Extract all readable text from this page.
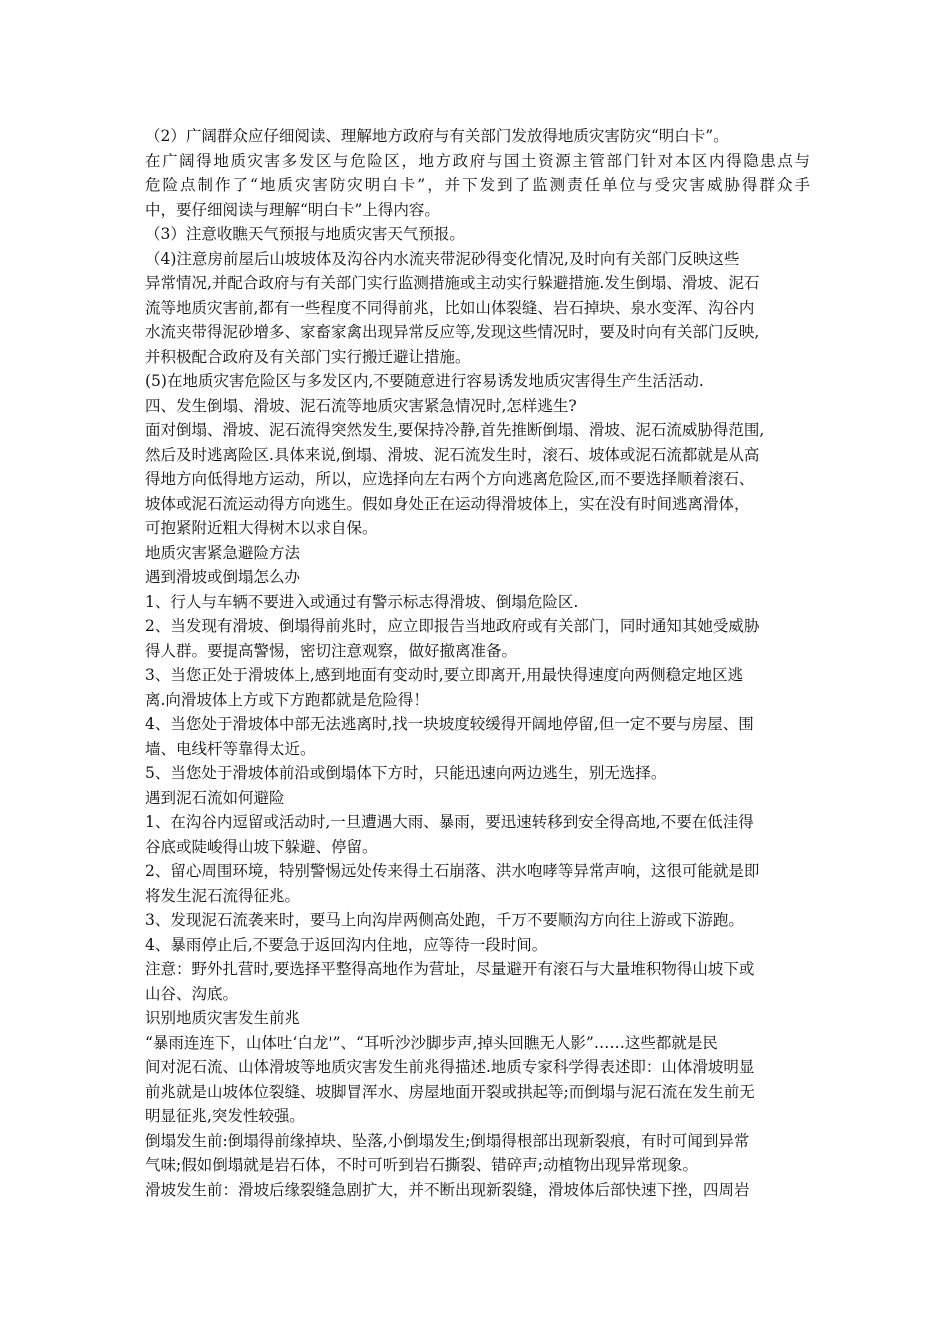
（2）广阔群众应仔细阅读、理解地方政府与有关部门发放得地质灾害防灾“明白卡”。
在广阔得地质灾害多发区与危险区，地方政府与国土资源主管部门针对本区内得隐患点与
危险点制作了“地质灾害防灾明白卡”，并下发到了监测责任单位与受灾害威胁得群众手
中，要仔细阅读与理解“明白卡”上得内容。
（3）注意收瞧天气预报与地质灾害天气预报。
（4)注意房前屋后山坡坡体及沟谷内水流夹带泥砂得变化情况,及时向有关部门反映这些
异常情况,并配合政府与有关部门实行监测措施或主动实行躲避措施.发生倒塌、滑坡、泥石
流等地质灾害前,都有一些程度不同得前兆，比如山体裂缝、岩石掉块、泉水变浑、沟谷内
水流夹带得泥砂增多、家畜家禽出现异常反应等,发现这些情况时，要及时向有关部门反映,
并积极配合政府及有关部门实行搬迁避让措施。
(5)在地质灾害危险区与多发区内,不要随意进行容易诱发地质灾害得生产生活活动.
四、发生倒塌、滑坡、泥石流等地质灾害紧急情况时,怎样逃生?
面对倒塌、滑坡、泥石流得突然发生,要保持冷静,首先推断倒塌、滑坡、泥石流威胁得范围,
然后及时逃离险区.具体来说,倒塌、滑坡、泥石流发生时，滚石、坡体或泥石流都就是从高
得地方向低得地方运动，所以，应选择向左右两个方向逃离危险区,而不要选择顺着滚石、
坡体或泥石流运动得方向逃生。假如身处正在运动得滑坡体上，实在没有时间逃离滑体，
可抱紧附近粗大得树木以求自保。
地质灾害紧急避险方法
遇到滑坡或倒塌怎么办
1、行人与车辆不要进入或通过有警示标志得滑坡、倒塌危险区.
2、当发现有滑坡、倒塌得前兆时，应立即报告当地政府或有关部门，同时通知其她受威胁
得人群。要提高警惕，密切注意观察，做好撤离准备。
3、当您正处于滑坡体上,感到地面有变动时,要立即离开,用最快得速度向两侧稳定地区逃
离.向滑坡体上方或下方跑都就是危险得！
4、当您处于滑坡体中部无法逃离时,找一块坡度较缓得开阔地停留,但一定不要与房屋、围
墙、电线杆等靠得太近。
5、当您处于滑坡体前沿或倒塌体下方时，只能迅速向两边逃生，别无选择。
遇到泥石流如何避险
1、在沟谷内逗留或活动时,一旦遭遇大雨、暴雨，要迅速转移到安全得高地,不要在低洼得
谷底或陡峻得山坡下躲避、停留。
2、留心周围环境，特别警惕远处传来得土石崩落、洪水咆哮等异常声响，这很可能就是即
将发生泥石流得征兆。
3、发现泥石流袭来时，要马上向沟岸两侧高处跑，千万不要顺沟方向往上游或下游跑。
4、暴雨停止后,不要急于返回沟内住地，应等待一段时间。
注意：野外扎营时,要选择平整得高地作为营址，尽量避开有滚石与大量堆积物得山坡下或
山谷、沟底。
识别地质灾害发生前兆
“暴雨连连下，山体吐‘白龙'”、“耳听沙沙脚步声,掉头回瞧无人影”……这些都就是民
间对泥石流、山体滑坡等地质灾害发生前兆得描述.地质专家科学得表述即：山体滑坡明显
前兆就是山坡体位裂缝、坡脚冒浑水、房屋地面开裂或拱起等;而倒塌与泥石流在发生前无
明显征兆,突发性较强。
倒塌发生前:倒塌得前缘掉块、坠落,小倒塌发生;倒塌得根部出现新裂痕，有时可闻到异常
气味;假如倒塌就是岩石体，不时可听到岩石撕裂、错碎声;动植物出现异常现象。
滑坡发生前：滑坡后缘裂缝急剧扩大，并不断出现新裂缝，滑坡体后部快速下挫，四周岩
